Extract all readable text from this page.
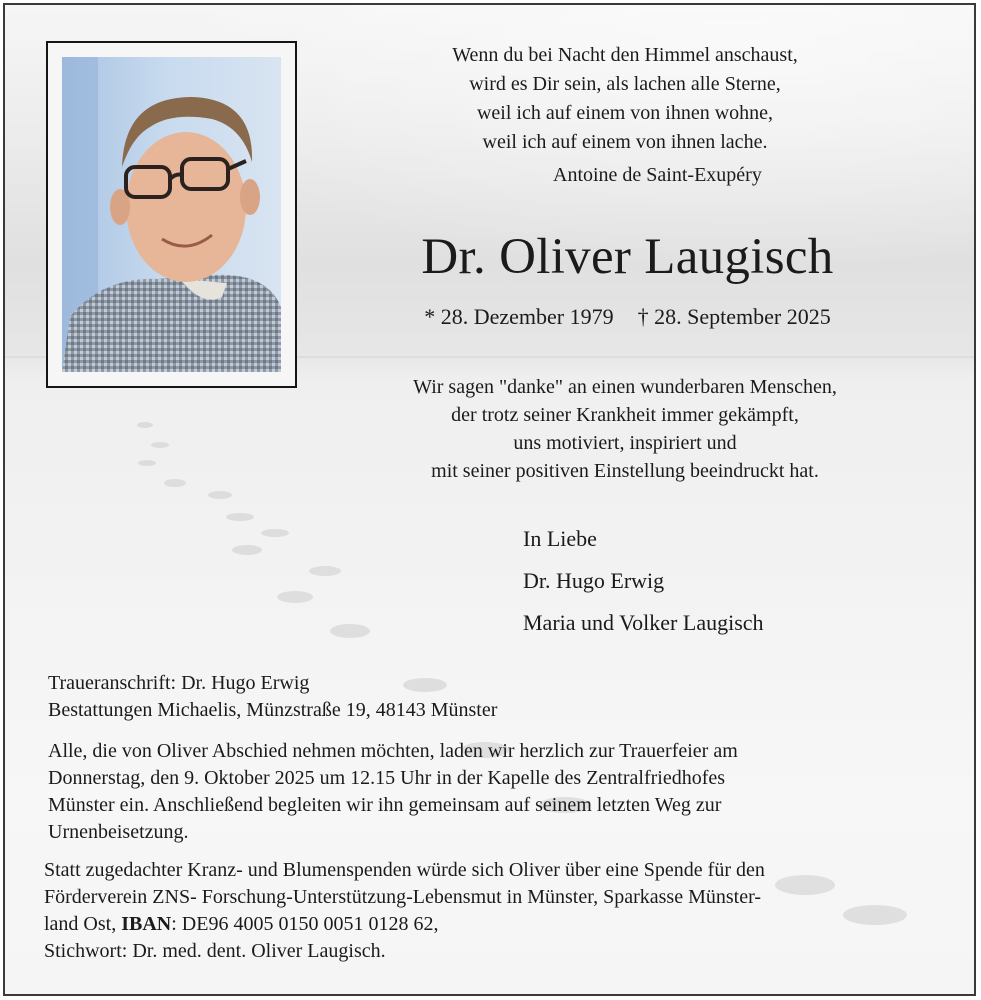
Wenn du bei Nacht den Himmel anschaust,
wird es Dir sein, als lachen alle Sterne,
weil ich auf einem von ihnen wohne,
weil ich auf einem von ihnen lache.
Antoine de Saint-Exupéry
Dr. Oliver Laugisch
* 28. Dezember 1979 † 28. September 2025
Wir sagen "danke" an einen wunderbaren Menschen,
der trotz seiner Krankheit immer gekämpft,
uns motiviert, inspiriert und
mit seiner positiven Einstellung beeindruckt hat.
In Liebe
Dr. Hugo Erwig
Maria und Volker Laugisch
Traueranschrift: Dr. Hugo Erwig
Bestattungen Michaelis, Münzstraße 19, 48143 Münster
Alle, die von Oliver Abschied nehmen möchten, laden wir herzlich zur Trauerfeier am
Donnerstag, den 9. Oktober 2025 um 12.15 Uhr in der Kapelle des Zentralfriedhofes
Münster ein. Anschließend begleiten wir ihn gemeinsam auf seinem letzten Weg zur
Urnenbeisetzung.
Statt zugedachter Kranz- und Blumenspenden würde sich Oliver über eine Spende für den
Förderverein ZNS- Forschung-Unterstützung-Lebensmut in Münster, Sparkasse Münster-
land Ost, IBAN: DE96 4005 0150 0051 0128 62,
Stichwort: Dr. med. dent. Oliver Laugisch.
